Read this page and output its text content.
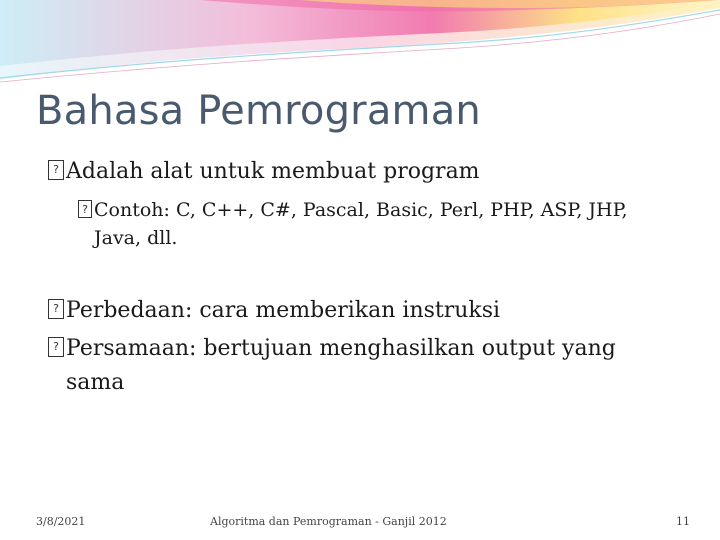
Bahasa Pemrograman
?Adalah alat untuk membuat program
?Contoh: C, C++, C#, Pascal, Basic, Perl, PHP, ASP, JHP,
Java, dll.
?Perbedaan: cara memberikan instruksi
?Persamaan: bertujuan menghasilkan output yang
sama
3/8/2021	Algoritma dan Pemrograman - Ganjil 2012	11
